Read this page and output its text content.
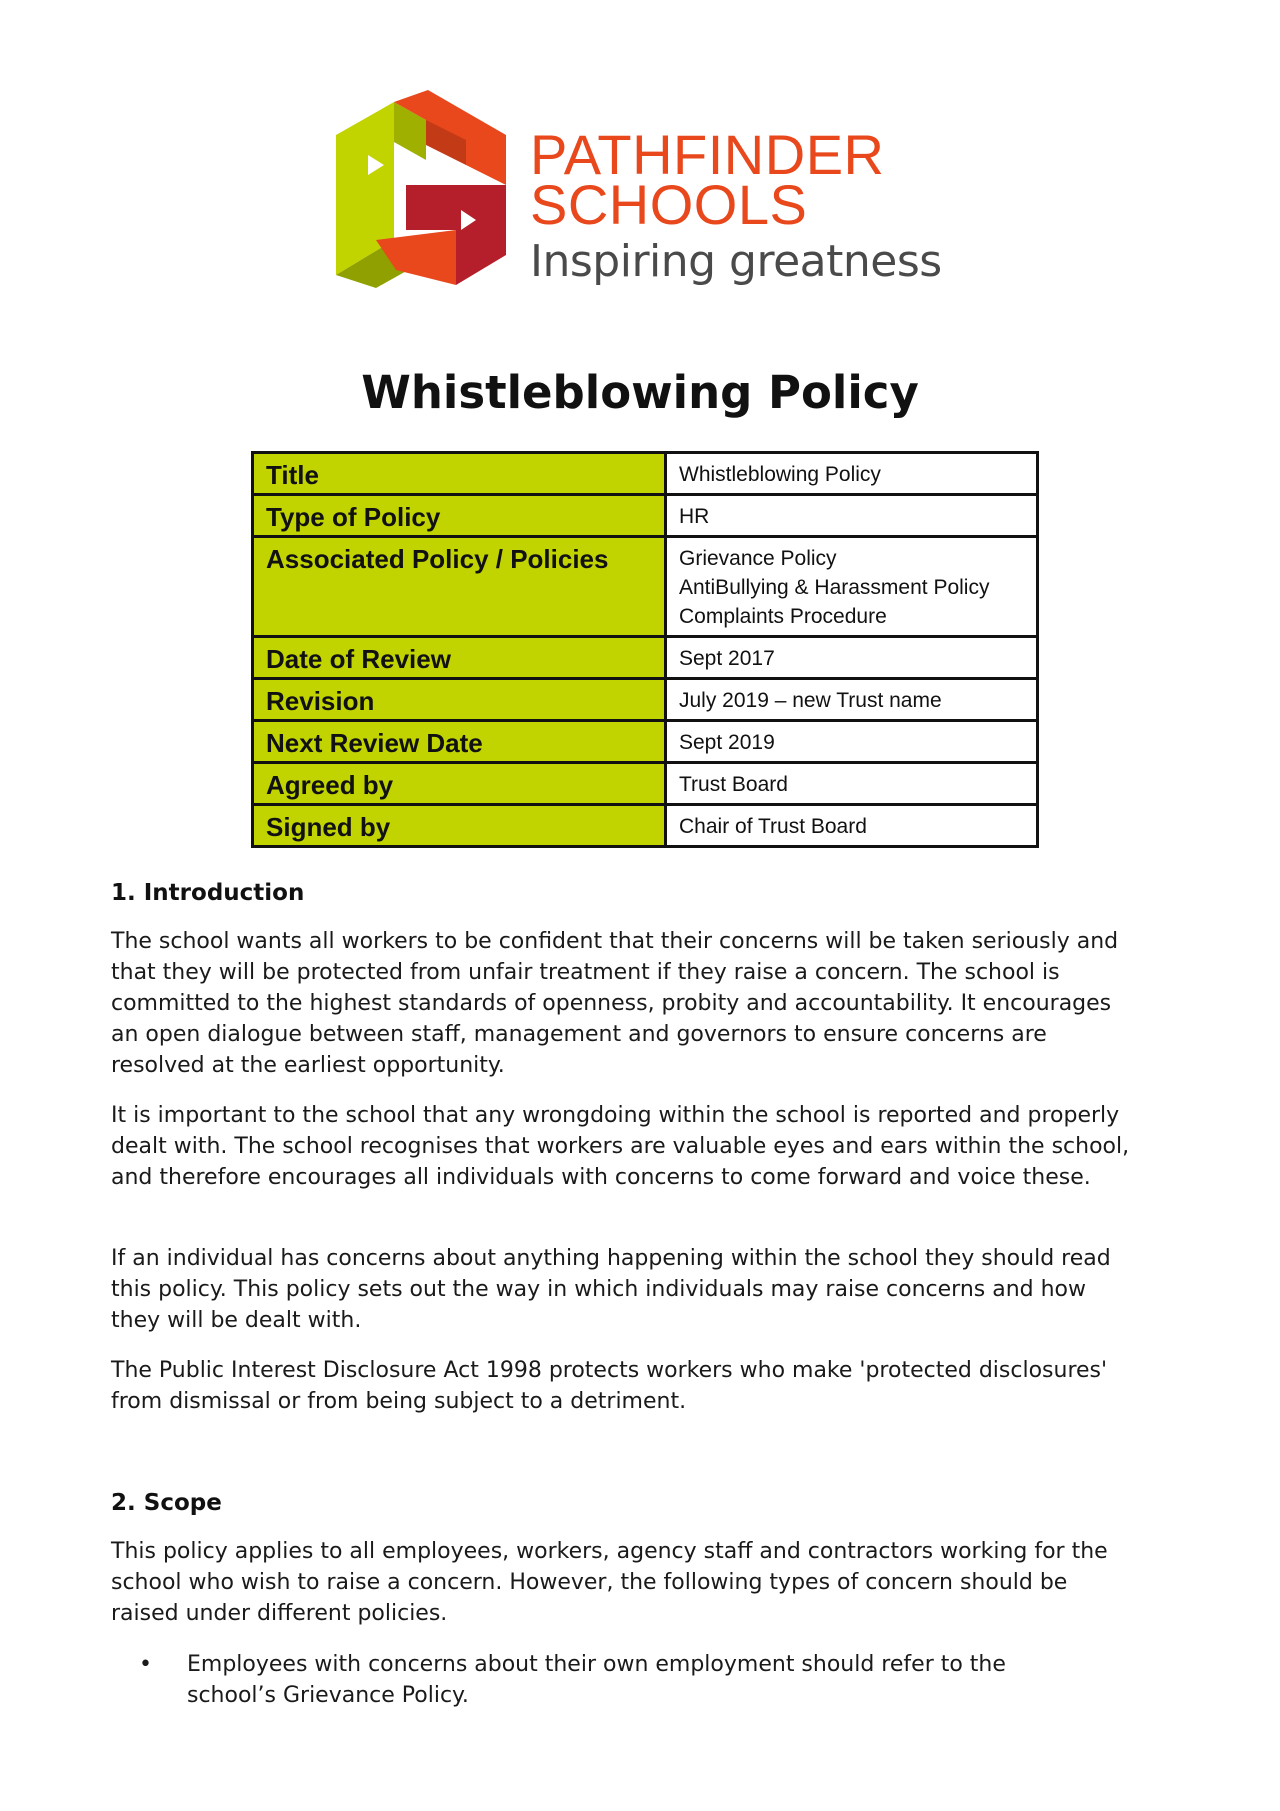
PATHFINDER
SCHOOLS
Inspiring greatness
Whistleblowing Policy
Title	Whistleblowing Policy
Type of Policy	HR
Associated Policy / Policies	Grievance Policy
AntiBullying & Harassment Policy
Complaints Procedure

Date of Review	Sept 2017
Revision	July 2019 – new Trust name
Next Review Date	Sept 2019
Agreed by	Trust Board
Signed by	Chair of Trust Board
1. Introduction

The school wants all workers to be confident that their concerns will be taken seriously and that they will be protected from unfair treatment if they raise a concern. The school is committed to the highest standards of openness, probity and accountability. It encourages an open dialogue between staff, management and governors to ensure concerns are resolved at the earliest opportunity.

It is important to the school that any wrongdoing within the school is reported and properly dealt with. The school recognises that workers are valuable eyes and ears within the school, and therefore encourages all individuals with concerns to come forward and voice these.

If an individual has concerns about anything happening within the school they should read this policy. This policy sets out the way in which individuals may raise concerns and how they will be dealt with.

The Public Interest Disclosure Act 1998 protects workers who make 'protected disclosures' from dismissal or from being subject to a detriment.

2. Scope

This policy applies to all employees, workers, agency staff and contractors working for the school who wish to raise a concern. However, the following types of concern should be raised under different policies.

• Employees with concerns about their own employment should refer to the school’s Grievance Policy.
